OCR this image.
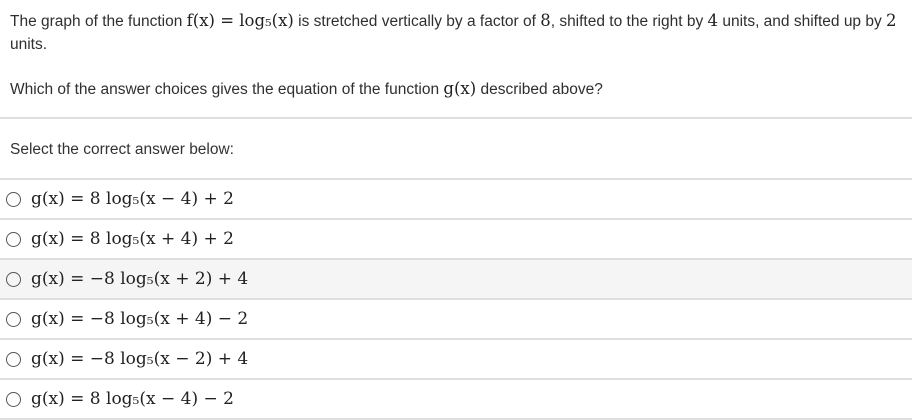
The graph of the function f(x) = log₅(x) is stretched vertically by a factor of 8, shifted to the right by 4 units, and shifted up by 2 units.

Which of the answer choices gives the equation of the function g(x) described above?

Select the correct answer below:
g(x) = 8 log₅(x − 4) + 2
g(x) = 8 log₅(x + 4) + 2
g(x) = −8 log₅(x + 2) + 4
g(x) = −8 log₅(x + 4) − 2
g(x) = −8 log₅(x − 2) + 4
g(x) = 8 log₅(x − 4) − 2
